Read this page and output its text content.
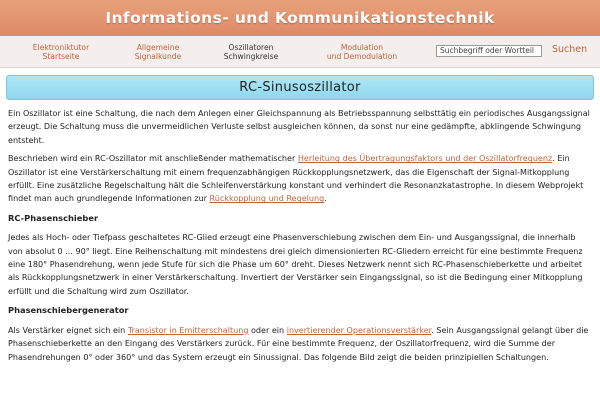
Informations- und Kommunikationstechnik
Elektroniktutor
Startseite
Allgemeine
Signalkunde
Oszillatoren
Schwingkreise
Modulation
und Demodulation
Suchbegriff oder Wortteil	Suchen
RC-Sinusoszillator

Ein Oszillator ist eine Schaltung, die nach dem Anlegen einer Gleichspannung als Betriebsspannung selbsttätig ein periodisches Ausgangssignal erzeugt. Die Schaltung muss die unvermeidlichen Verluste selbst ausgleichen können, da sonst nur eine gedämpfte, abklingende Schwingung entsteht.

Beschrieben wird ein RC-Oszillator mit anschließender mathematischer Herleitung des Übertragungsfaktors und der Oszillatorfrequenz. Ein Oszillator ist eine Verstärkerschaltung mit einem frequenzabhängigen Rückkopplungsnetzwerk, das die Eigenschaft der Signal-Mitkopplung erfüllt. Eine zusätzliche Regelschaltung hält die Schleifenverstärkung konstant und verhindert die Resonanzkatastrophe. In diesem Webprojekt findet man auch grundlegende Informationen zur Rückkopplung und Regelung.

RC-Phasenschieber

Jedes als Hoch- oder Tiefpass geschaltetes RC-Glied erzeugt eine Phasenverschiebung zwischen dem Ein- und Ausgangssignal, die innerhalb von absolut 0 ... 90° liegt. Eine Reihenschaltung mit mindestens drei gleich dimensionierten RC-Gliedern erreicht für eine bestimmte Frequenz eine 180° Phasendrehung, wenn jede Stufe für sich die Phase um 60° dreht. Dieses Netzwerk nennt sich RC-Phasenschieberkette und arbeitet als Rückkopplungsnetzwerk in einer Verstärkerschaltung. Invertiert der Verstärker sein Eingangssignal, so ist die Bedingung einer Mitkopplung erfüllt und die Schaltung wird zum Oszillator.

Phasenschiebergenerator

Als Verstärker eignet sich ein Transistor in Emitterschaltung oder ein invertierender Operationsverstärker. Sein Ausgangssignal gelangt über die Phasenschieberkette an den Eingang des Verstärkers zurück. Für eine bestimmte Frequenz, der Oszillatorfrequenz, wird die Summe der Phasendrehungen 0° oder 360° und das System erzeugt ein Sinussignal. Das folgende Bild zeigt die beiden prinzipiellen Schaltungen.
